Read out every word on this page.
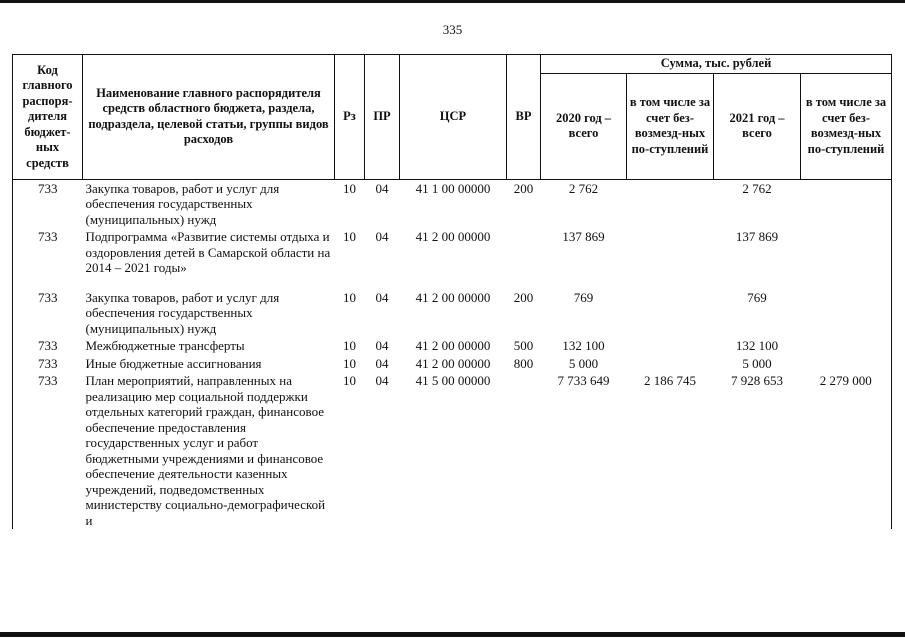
335
Код главного распоря-дителя бюджет-ных средств	Наименование главного распорядителя средств областного бюджета, раздела, подраздела, целевой статьи, группы видов расходов	Рз	ПР	ЦСР	ВР	Сумма, тыс. рублей			
						2020 год – всего	в том числе за счет без-возмезд-ных по-ступлений	2021 год – всего	в том числе за счет без-возмезд-ных по-ступлений
733	Закупка товаров, работ и услуг для обеспечения государственных (муниципальных) нужд	10	04	41 1 00 00000	200	2 762		2 762	
733	Подпрограмма «Развитие системы отдыха и оздоровления детей в Самарской области на 2014 – 2021 годы»	10	04	41 2 00 00000		137 869		137 869	

733	Закупка товаров, работ и услуг для обеспечения государственных (муниципальных) нужд	10	04	41 2 00 00000	200	769		769	
733	Межбюджетные трансферты	10	04	41 2 00 00000	500	132 100		132 100	
733	Иные бюджетные ассигнования	10	04	41 2 00 00000	800	5 000		5 000	
733	План мероприятий, направленных на реализацию мер социальной поддержки отдельных категорий граждан, финансовое обеспечение предоставления государственных услуг и работ бюджетными учреждениями и финансовое обеспечение деятельности казенных учреждений, подведомственных министерству социально-демографической и	10	04	41 5 00 00000		7 733 649	2 186 745	7 928 653	2 279 000
